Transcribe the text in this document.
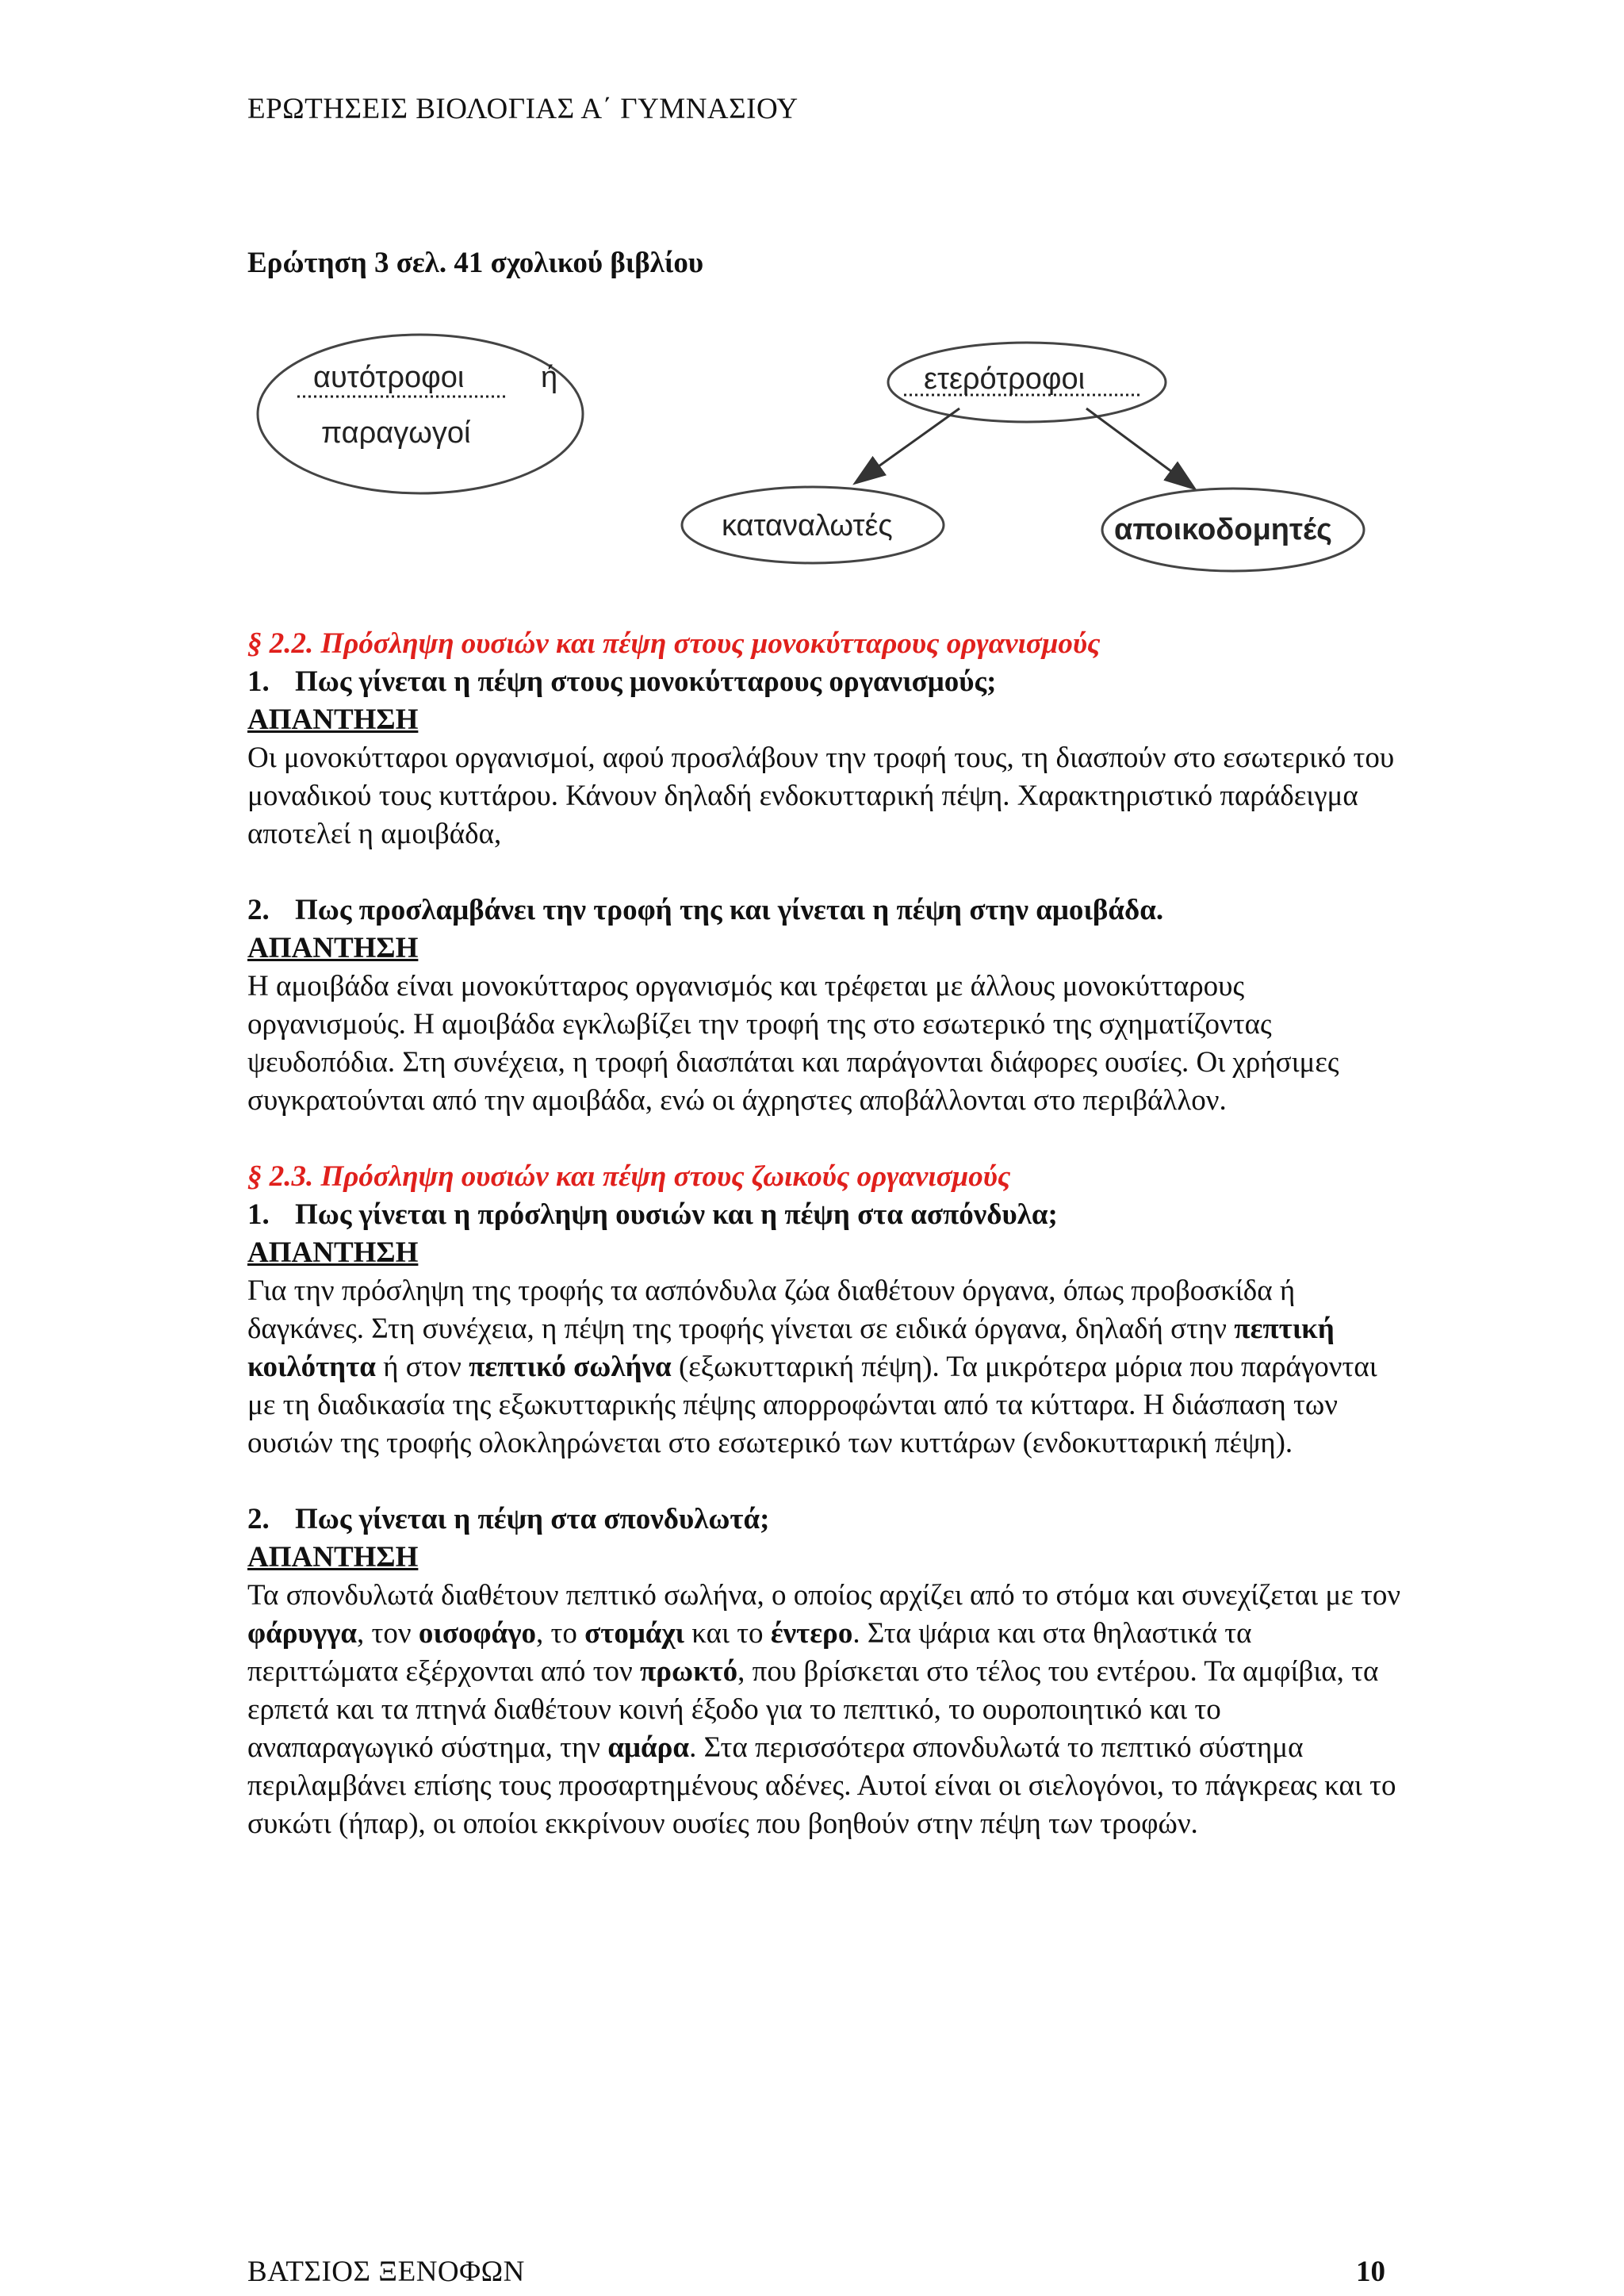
ΕΡΩΤΗΣΕΙΣ ΒΙΟΛΟΓΙΑΣ Α΄ ΓΥΜΝΑΣΙΟΥ
Ερώτηση 3 σελ. 41 σχολικού βιβλίου
αυτότροφοι	ή
παραγωγοί
ετερότροφοι
καταναλωτές	αποικοδομητές

§ 2.2. Πρόσληψη ουσιών και πέψη στους μονοκύτταρους οργανισμούς

1. Πως γίνεται η πέψη στους μονοκύτταρους οργανισμούς;

ΑΠΑΝΤΗΣΗ

Οι μονοκύτταροι οργανισμοί, αφού προσλάβουν την τροφή τους, τη διασπούν στο εσωτερικό του μοναδικού τους κυττάρου. Κάνουν δηλαδή ενδοκυτταρική πέψη. Χαρακτηριστικό παράδειγμα αποτελεί η αμοιβάδα,

2. Πως προσλαμβάνει την τροφή της και γίνεται η πέψη στην αμοιβάδα.

ΑΠΑΝΤΗΣΗ

Η αμοιβάδα είναι μονοκύτταρος οργανισμός και τρέφεται με άλλους μονοκύτταρους οργανισμούς. Η αμοιβάδα εγκλωβίζει την τροφή της στο εσωτερικό της σχηματίζοντας ψευδοπόδια. Στη συνέχεια, η τροφή διασπάται και παράγονται διάφορες ουσίες. Οι χρήσιμες συγκρατούνται από την αμοιβάδα, ενώ οι άχρηστες αποβάλλονται στο περιβάλλον.

§ 2.3. Πρόσληψη ουσιών και πέψη στους ζωικούς οργανισμούς

1. Πως γίνεται η πρόσληψη ουσιών και η πέψη στα ασπόνδυλα;

ΑΠΑΝΤΗΣΗ

Για την πρόσληψη της τροφής τα ασπόνδυλα ζώα διαθέτουν όργανα, όπως προβοσκίδα ή δαγκάνες. Στη συνέχεια, η πέψη της τροφής γίνεται σε ειδικά όργανα, δηλαδή στην πεπτική κοιλότητα ή στον πεπτικό σωλήνα (εξωκυτταρική πέψη). Τα μικρότερα μόρια που παράγονται με τη διαδικασία της εξωκυτταρικής πέψης απορροφώνται από τα κύτταρα. Η διάσπαση των ουσιών της τροφής ολοκληρώνεται στο εσωτερικό των κυττάρων (ενδοκυτταρική πέψη).

2. Πως γίνεται η πέψη στα σπονδυλωτά;

ΑΠΑΝΤΗΣΗ

Τα σπονδυλωτά διαθέτουν πεπτικό σωλήνα, ο οποίος αρχίζει από το στόμα και συνεχίζεται με τον φάρυγγα, τον οισοφάγο, το στομάχι και το έντερο. Στα ψάρια και στα θηλαστικά τα περιττώματα εξέρχονται από τον πρωκτό, που βρίσκεται στο τέλος του εντέρου. Τα αμφίβια, τα ερπετά και τα πτηνά διαθέτουν κοινή έξοδο για το πεπτικό, το ουροποιητικό και το αναπαραγωγικό σύστημα, την αμάρα. Στα περισσότερα σπονδυλωτά το πεπτικό σύστημα περιλαμβάνει επίσης τους προσαρτημένους αδένες. Αυτοί είναι οι σιελογόνοι, το πάγκρεας και το συκώτι (ήπαρ), οι οποίοι εκκρίνουν ουσίες που βοηθούν στην πέψη των τροφών.

ΒΑΤΣΙΟΣ ΞΕΝΟΦΩΝ	10
